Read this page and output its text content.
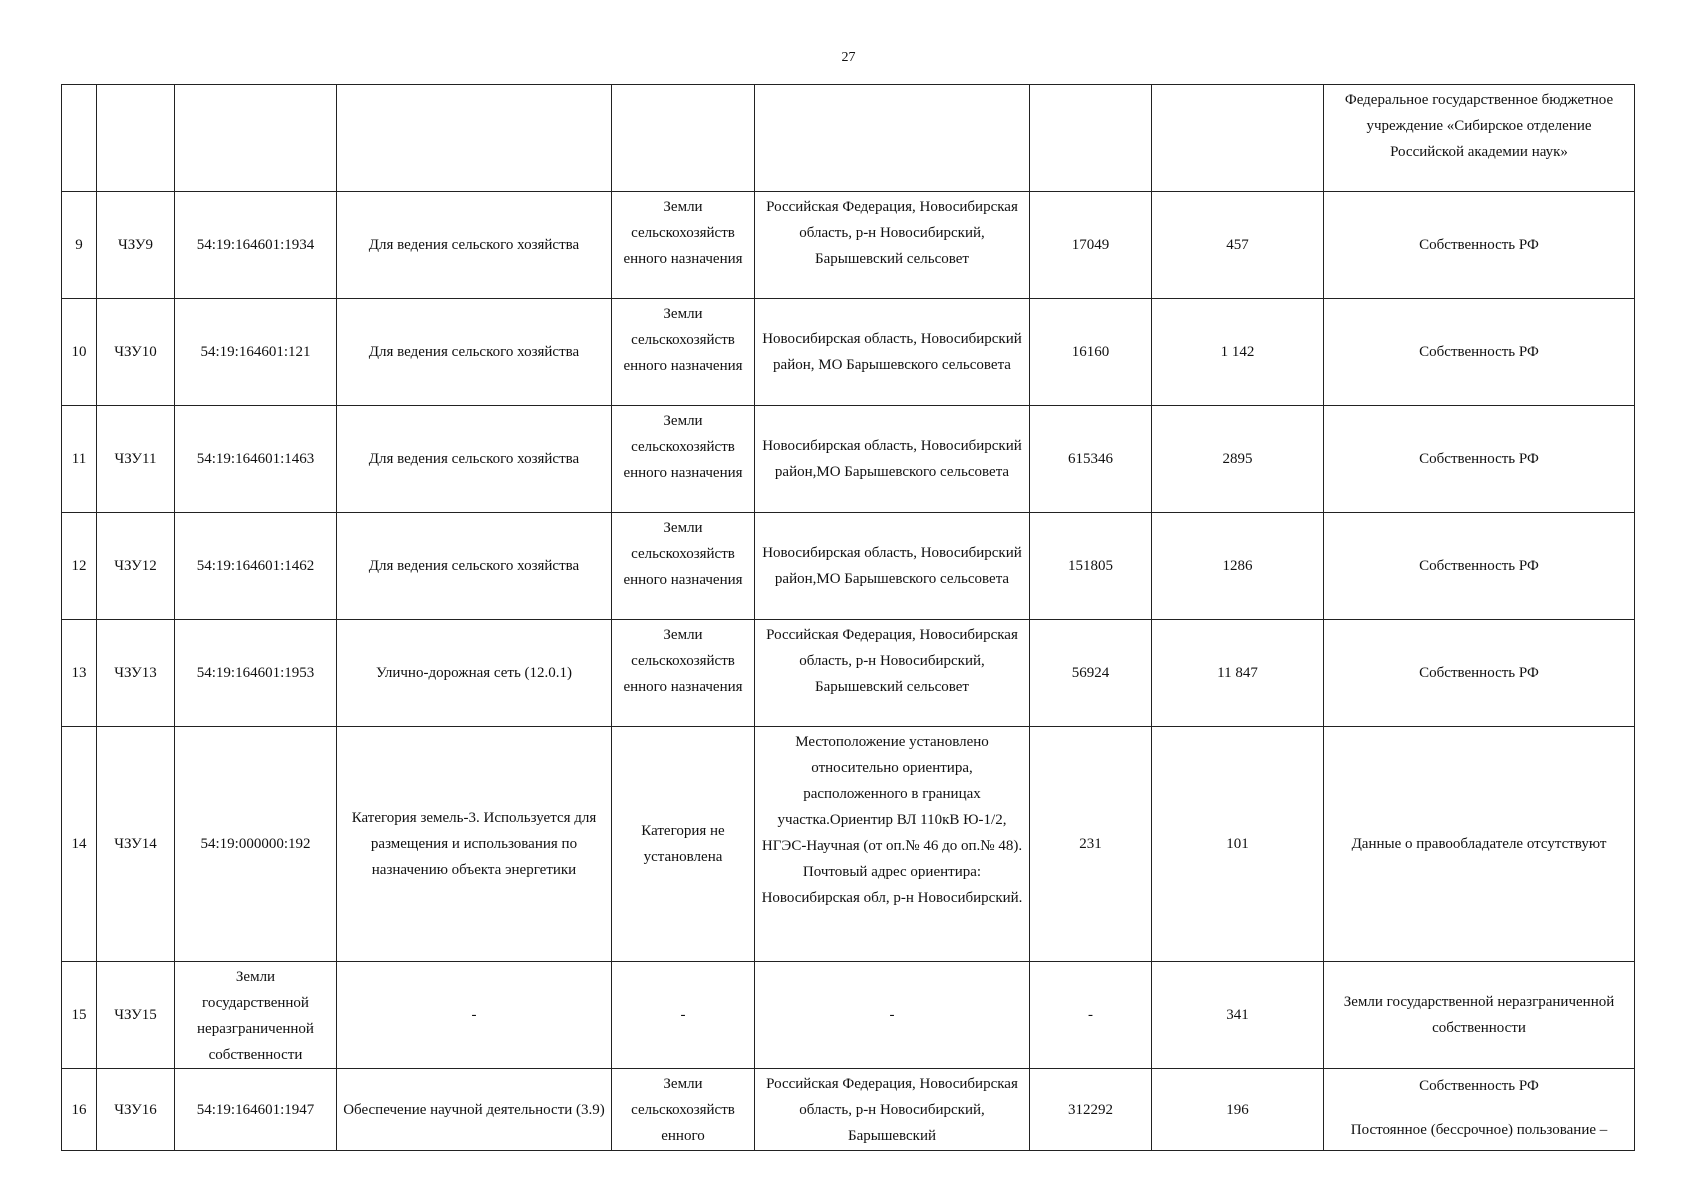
27
								Федеральное государственное бюджетное учреждение «Сибирское отделение Российской академии наук»
9	ЧЗУ9	54:19:164601:1934	Для ведения сельского хозяйства	Земли сельскохозяйств енного назначения	Российская Федерация, Новосибирская область, р-н Новосибирский, Барышевский сельсовет	17049	457	Собственность РФ
10	ЧЗУ10	54:19:164601:121	Для ведения сельского хозяйства	Земли сельскохозяйств енного назначения	Новосибирская область, Новосибирский район, МО Барышевского сельсовета	16160	1 142	Собственность РФ
11	ЧЗУ11	54:19:164601:1463	Для ведения сельского хозяйства	Земли сельскохозяйств енного назначения	Новосибирская область, Новосибирский район,МО Барышевского сельсовета	615346	2895	Собственность РФ
12	ЧЗУ12	54:19:164601:1462	Для ведения сельского хозяйства	Земли сельскохозяйств енного назначения	Новосибирская область, Новосибирский район,МО Барышевского сельсовета	151805	1286	Собственность РФ
13	ЧЗУ13	54:19:164601:1953	Улично-дорожная сеть (12.0.1)	Земли сельскохозяйств енного назначения	Российская Федерация, Новосибирская область, р-н Новосибирский, Барышевский сельсовет	56924	11 847	Собственность РФ
14	ЧЗУ14	54:19:000000:192	Категория земель-3. Используется для размещения и использования по назначению объекта энергетики	Категория не установлена	Местоположение установлено относительно ориентира, расположенного в границах участка.Ориентир ВЛ 110кВ Ю-1/2, НГЭС-Научная (от оп.№ 46 до оп.№ 48). Почтовый адрес ориентира: Новосибирская обл, р-н Новосибирский.	231	101	Данные о правообладателе отсутствуют
15	ЧЗУ15	Земли государственной неразграниченной собственности	-	-	-	-	341	Земли государственной неразграниченной собственности
16	ЧЗУ16	54:19:164601:1947	Обеспечение научной деятельности (3.9)	Земли сельскохозяйств енного	Российская Федерация, Новосибирская область, р-н Новосибирский, Барышевский	312292	196	Собственность РФ
Постоянное (бессрочное) пользование –
